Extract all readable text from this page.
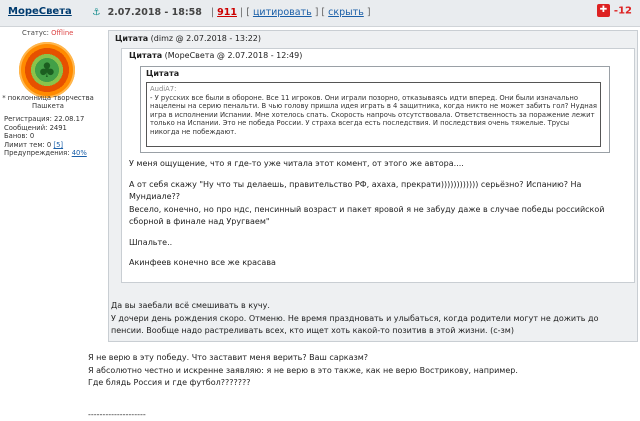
МореСвета ⚓ 2.07.2018 - 18:58 | 911 | [ цитировать ] [ скрыть ]	✚ -12
Статус: Offline
♣
* поклонница творчества Пашкета
Регистрация: 22.08.17
Сообщений: 2491
Банов: 0
Лимит тем: 0 [5]
Предупреждения: 40%
Цитата (dimz @ 2.07.2018 - 13:22)
Цитата (МореСвета @ 2.07.2018 - 12:49)
Цитата
AudiA7:
- У русских все были в обороне. Все 11 игроков. Они играли позорно, отказываясь идти вперед. Они были изначально нацелены на серию пенальти. В чью голову пришла идея играть в 4 защитника, когда никто не может забить гол? Нудная игра в исполнении Испании. Мне хотелось спать. Скорость напрочь отсутствовала. Ответственность за поражение лежит только на Испании. Это не победа России. У страха всегда есть последствия. И последствия очень тяжелые. Трусы никогда не побеждают.

У меня ощущение, что я где-то уже читала этот комент, от этого же автора....

А от себя скажу "Ну что ты делаешь, правительство РФ, ахаха, прекрати)))))))))))) серьёзно? Испанию? На Мундиале??

Весело, конечно, но про ндс, пенсинный возраст и пакет яровой я не забуду даже в случае победы российской сборной в финале над Уругваем"

Шпальте..

Акинфеев конечно все же красава

Да вы заебали всё смешивать в кучу.

У дочери день рождения скоро. Отменю. Не время праздновать и улыбаться, когда родители могут не дожить до пенсии. Вообще надо растреливать всех, кто ищет хоть какой-то позитив в этой жизни. (с-зм)

Я не верю в эту победу. Что заставит меня верить? Ваш сарказм?

Я абсолютно честно и искренне заявляю: я не верю в это также, как не верю Вострикову, например.

Где блядь Россия и где футбол???????

--------------------
